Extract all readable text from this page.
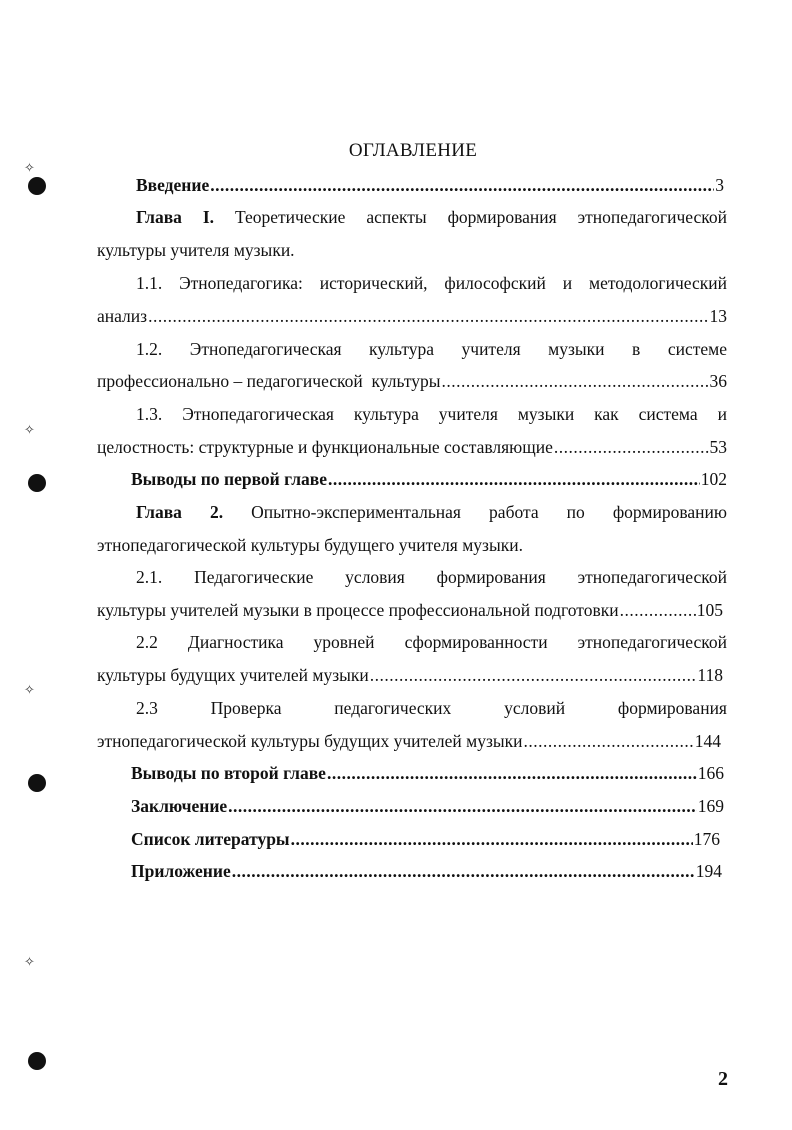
✧
✧
✧
✧
ОГЛАВЛЕНИЕ
Введение .....	3
Глава I. Теоретические аспекты формирования этнопедагогической
культуры учителя музыки.
1.1. Этнопедагогика: исторический, философский и методологический
анализ .....	13
1.2. Этнопедагогическая культура учителя музыки в системе
профессионально – педагогической  культуры .....	36
1.3. Этнопедагогическая культура учителя музыки как система и
целостность: структурные и функциональные составляющие .....	53
Выводы по первой главе .....	102
Глава 2. Опытно-экспериментальная работа по формированию
этнопедагогической культуры будущего учителя музыки.
2.1. Педагогические условия формирования этнопедагогической
культуры учителей музыки в процессе профессиональной подготовки .....	105
2.2 Диагностика уровней сформированности этнопедагогической
культуры будущих учителей музыки .....	118
2.3	Проверка	педагогических	условий	формирования
этнопедагогической культуры будущих учителей музыки .....	144
Выводы по второй главе .....	166
Заключение .....	169
Список литературы .....	176
Приложение .....	194
2
